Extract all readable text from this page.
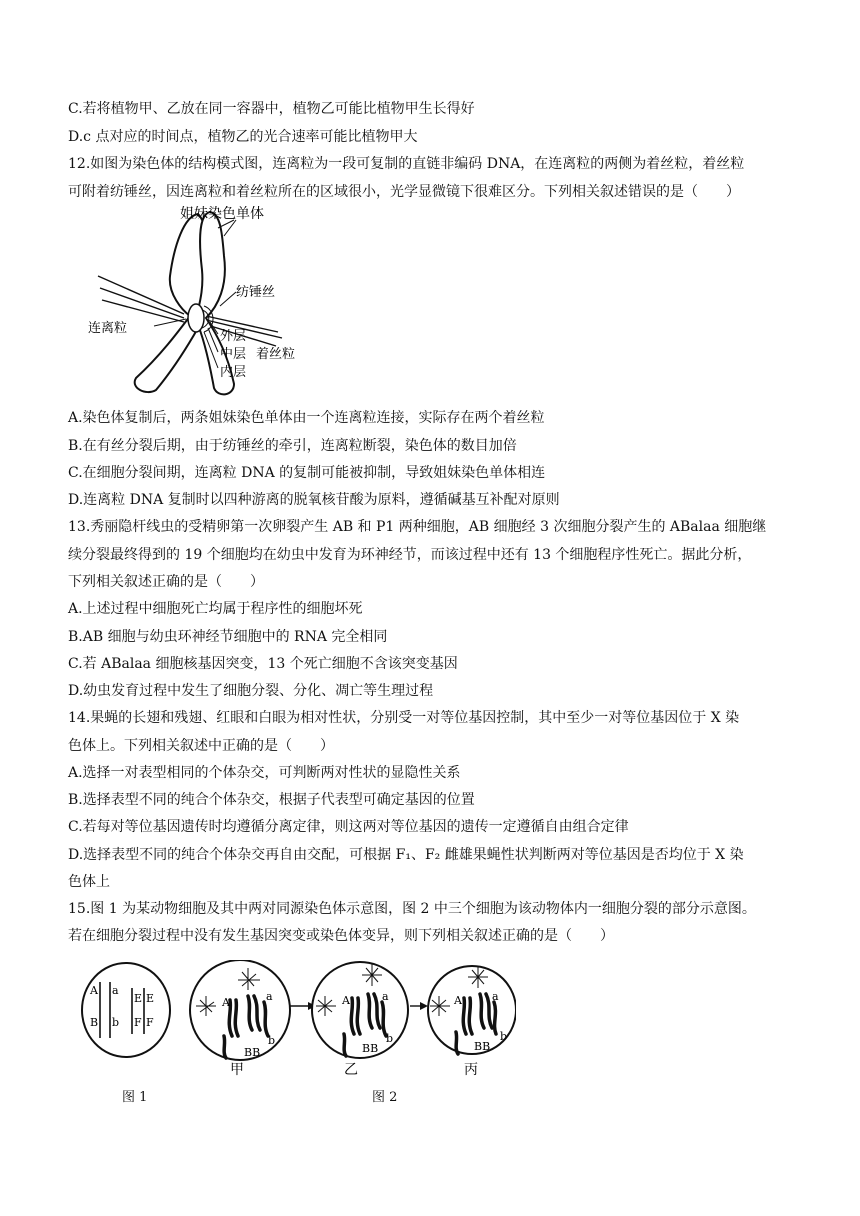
C.若将植物甲、乙放在同一容器中，植物乙可能比植物甲生长得好
D.c 点对应的时间点，植物乙的光合速率可能比植物甲大
12.如图为染色体的结构模式图，连离粒为一段可复制的直链非编码 DNA，在连离粒的两侧为着丝粒，着丝粒
可附着纺锤丝，因连离粒和着丝粒所在的区域很小，光学显微镜下很难区分。下列相关叙述错误的是（　　）
姐妹染色单体
纺锤丝
连离粒
外层
中层
内层
着丝粒
A.染色体复制后，两条姐妹染色单体由一个连离粒连接，实际存在两个着丝粒
B.在有丝分裂后期，由于纺锤丝的牵引，连离粒断裂，染色体的数目加倍
C.在细胞分裂间期，连离粒 DNA 的复制可能被抑制，导致姐妹染色单体相连
D.连离粒 DNA 复制时以四种游离的脱氧核苷酸为原料，遵循碱基互补配对原则
13.秀丽隐杆线虫的受精卵第一次卵裂产生 AB 和 P1 两种细胞，AB 细胞经 3 次细胞分裂产生的 ABalaa 细胞继
续分裂最终得到的 19 个细胞均在幼虫中发育为环神经节，而该过程中还有 13 个细胞程序性死亡。据此分析，
下列相关叙述正确的是（　　）
A.上述过程中细胞死亡均属于程序性的细胞坏死
B.AB 细胞与幼虫环神经节细胞中的 RNA 完全相同
C.若 ABalaa 细胞核基因突变，13 个死亡细胞不含该突变基因
D.幼虫发育过程中发生了细胞分裂、分化、凋亡等生理过程
14.果蝇的长翅和残翅、红眼和白眼为相对性状，分别受一对等位基因控制，其中至少一对等位基因位于 X 染
色体上。下列相关叙述中正确的是（　　）
A.选择一对表型相同的个体杂交，可判断两对性状的显隐性关系
B.选择表型不同的纯合个体杂交，根据子代表型可确定基因的位置
C.若每对等位基因遗传时均遵循分离定律，则这两对等位基因的遗传一定遵循自由组合定律
D.选择表型不同的纯合个体杂交再自由交配，可根据 F₁、F₂ 雌雄果蝇性状判断两对等位基因是否均位于 X 染
色体上
15.图 1 为某动物细胞及其中两对同源染色体示意图，图 2 中三个细胞为该动物体内一细胞分裂的部分示意图。
若在细胞分裂过程中没有发生基因突变或染色体变异，则下列相关叙述正确的是（　　）
A a
B b
E E
F F
A	a
b
BB
甲
A	a
b
BB
乙
A	a
b
BB
丙
图 1	图 2
